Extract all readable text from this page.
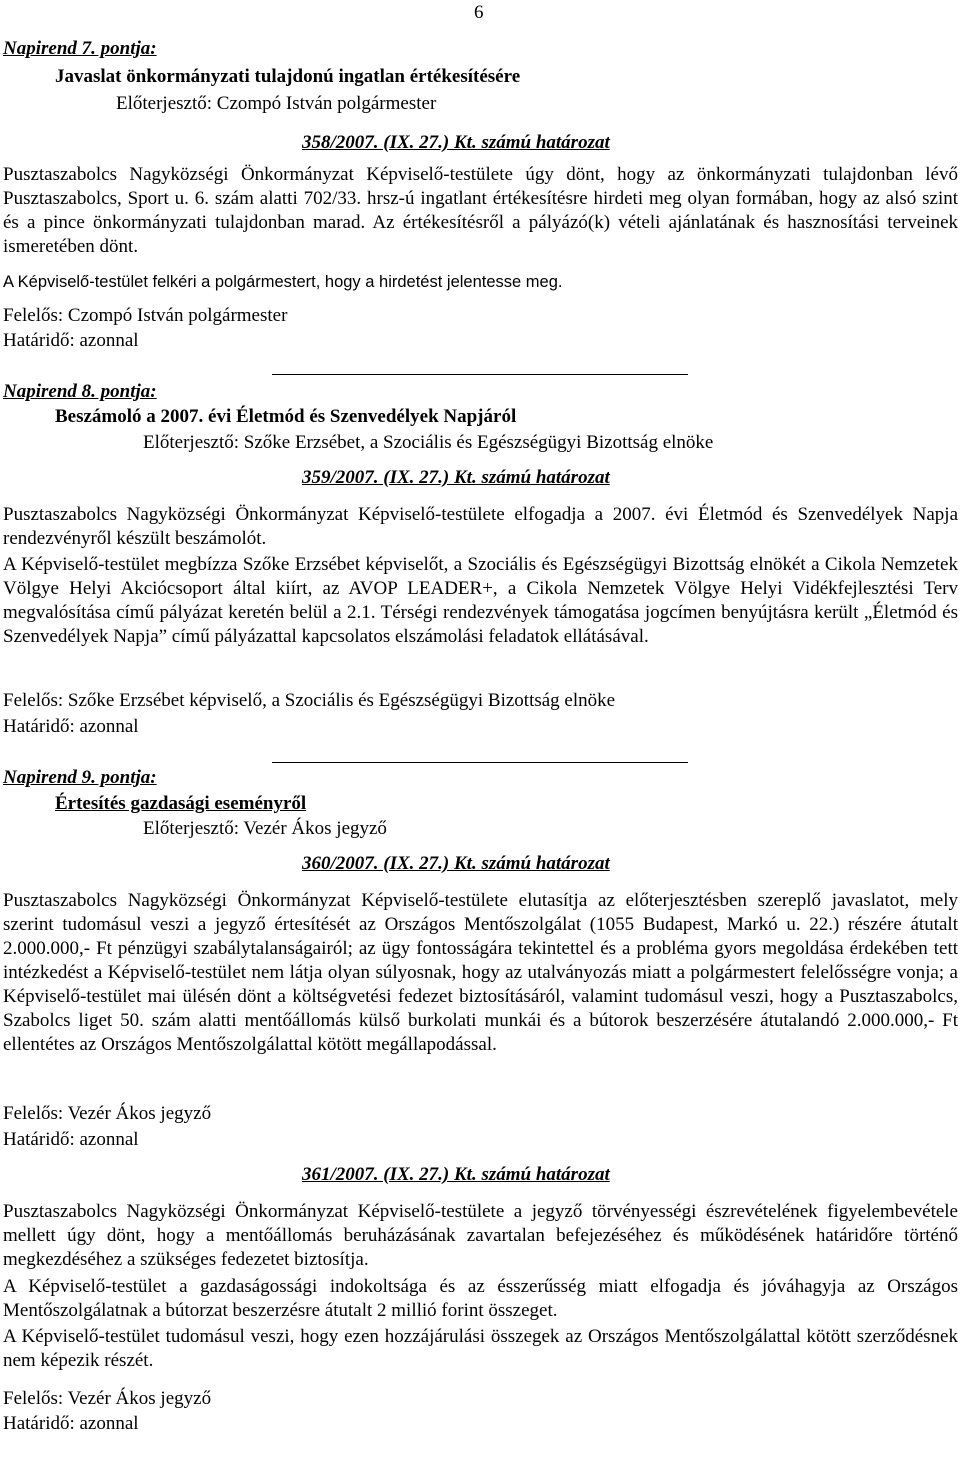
6
Napirend 7. pontja:
Javaslat önkormányzati tulajdonú ingatlan értékesítésére
Előterjesztő: Czompó István polgármester
358/2007. (IX. 27.) Kt. számú határozat
Pusztaszabolcs Nagyközségi Önkormányzat Képviselő-testülete úgy dönt, hogy az önkormányzati tulajdonban lévő Pusztaszabolcs, Sport u. 6. szám alatti 702/33. hrsz-ú ingatlant értékesítésre hirdeti meg olyan formában, hogy az alsó szint és a pince önkormányzati tulajdonban marad. Az értékesítésről a pályázó(k) vételi ajánlatának és hasznosítási terveinek ismeretében dönt.
A Képviselő-testület felkéri a polgármestert, hogy a hirdetést jelentesse meg.
Felelős: Czompó István polgármester
Határidő: azonnal
Napirend 8. pontja:
Beszámoló a 2007. évi Életmód és Szenvedélyek Napjáról
Előterjesztő: Szőke Erzsébet, a Szociális és Egészségügyi Bizottság elnöke
359/2007. (IX. 27.) Kt. számú határozat
Pusztaszabolcs Nagyközségi Önkormányzat Képviselő-testülete elfogadja a 2007. évi Életmód és Szenvedélyek Napja rendezvényről készült beszámolót.
A Képviselő-testület megbízza Szőke Erzsébet képviselőt, a Szociális és Egészségügyi Bizottság elnökét a Cikola Nemzetek Völgye Helyi Akciócsoport által kiírt, az AVOP LEADER+, a Cikola Nemzetek Völgye Helyi Vidékfejlesztési Terv megvalósítása című pályázat keretén belül a 2.1. Térségi rendezvények támogatása jogcímen benyújtásra került „Életmód és Szenvedélyek Napja” című pályázattal kapcsolatos elszámolási feladatok ellátásával.
Felelős: Szőke Erzsébet képviselő, a Szociális és Egészségügyi Bizottság elnöke
Határidő: azonnal
Napirend 9. pontja:
Értesítés gazdasági eseményről
Előterjesztő: Vezér Ákos jegyző
360/2007. (IX. 27.) Kt. számú határozat
Pusztaszabolcs Nagyközségi Önkormányzat Képviselő-testülete elutasítja az előterjesztésben szereplő javaslatot, mely szerint tudomásul veszi a jegyző értesítését az Országos Mentőszolgálat (1055 Budapest, Markó u. 22.) részére átutalt 2.000.000,- Ft pénzügyi szabálytalanságairól; az ügy fontosságára tekintettel és a probléma gyors megoldása érdekében tett intézkedést a Képviselő-testület nem látja olyan súlyosnak, hogy az utalványozás miatt a polgármestert felelősségre vonja; a Képviselő-testület mai ülésén dönt a költségvetési fedezet biztosításáról, valamint tudomásul veszi, hogy a Pusztaszabolcs, Szabolcs liget 50. szám alatti mentőállomás külső burkolati munkái és a bútorok beszerzésére átutalandó 2.000.000,- Ft ellentétes az Országos Mentőszolgálattal kötött megállapodással.
Felelős: Vezér Ákos jegyző
Határidő: azonnal
361/2007. (IX. 27.) Kt. számú határozat
Pusztaszabolcs Nagyközségi Önkormányzat Képviselő-testülete a jegyző törvényességi észrevételének figyelembevétele mellett úgy dönt, hogy a mentőállomás beruházásának zavartalan befejezéséhez és működésének határidőre történő megkezdéséhez a szükséges fedezetet biztosítja.
A Képviselő-testület a gazdaságossági indokoltsága és az ésszerűsség miatt elfogadja és jóváhagyja az Országos Mentőszolgálatnak a bútorzat beszerzésre átutalt 2 millió forint összeget.
A Képviselő-testület tudomásul veszi, hogy ezen hozzájárulási összegek az Országos Mentőszolgálattal kötött szerződésnek nem képezik részét.
Felelős: Vezér Ákos jegyző
Határidő: azonnal
